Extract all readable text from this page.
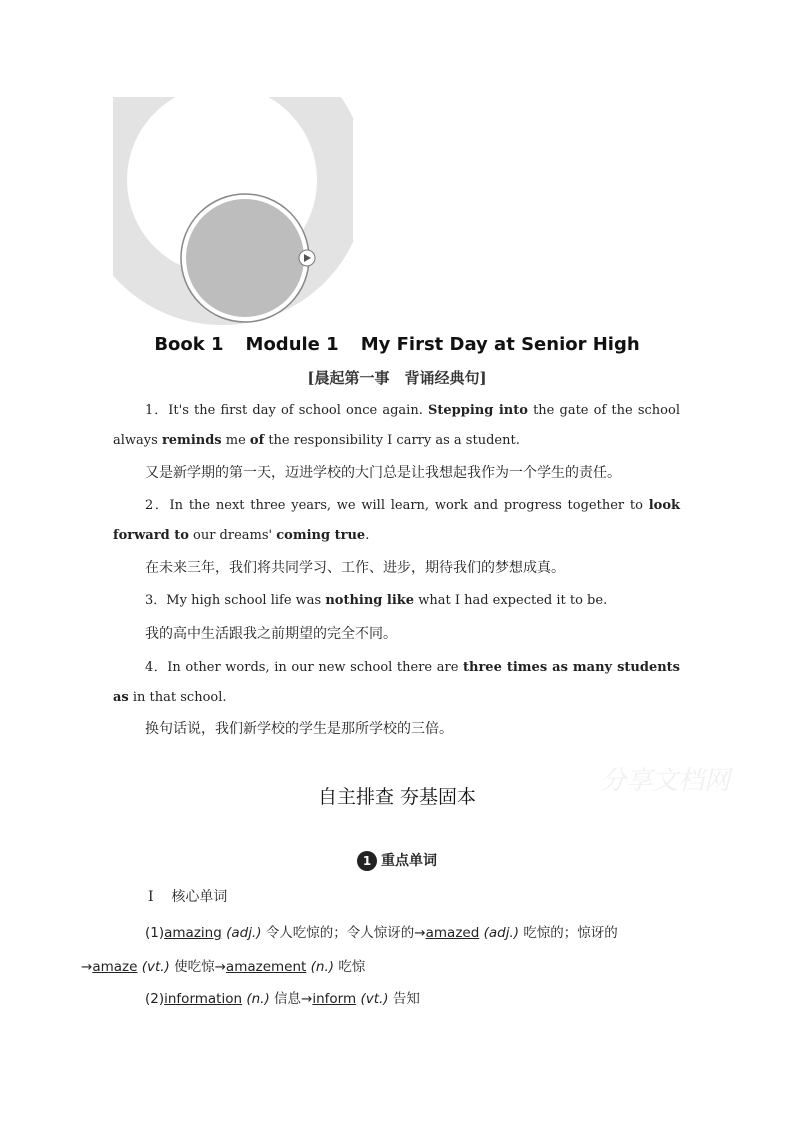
Book 1 Module 1 My First Day at Senior High
[晨起第一事　背诵经典句]
1．It's the first day of school once again. Stepping into the gate of the school always reminds me of the responsibility I carry as a student.
又是新学期的第一天，迈进学校的大门总是让我想起我作为一个学生的责任。
2．In the next three years, we will learn, work and progress together to look forward to our dreams' coming true.
在未来三年，我们将共同学习、工作、进步，期待我们的梦想成真。
3．My high school life was nothing like what I had expected it to be.
我的高中生活跟我之前期望的完全不同。
4．In other words, in our new school there are three times as many students as in that school.
换句话说，我们新学校的学生是那所学校的三倍。
分享文档网
自主排查 夯基固本
1 重点单词
Ⅰ 核心单词
(1)amazing (adj.) 令人吃惊的；令人惊讶的→amazed (adj.) 吃惊的；惊讶的
→amaze (vt.) 使吃惊→amazement (n.) 吃惊
(2)information (n.) 信息→inform (vt.) 告知
